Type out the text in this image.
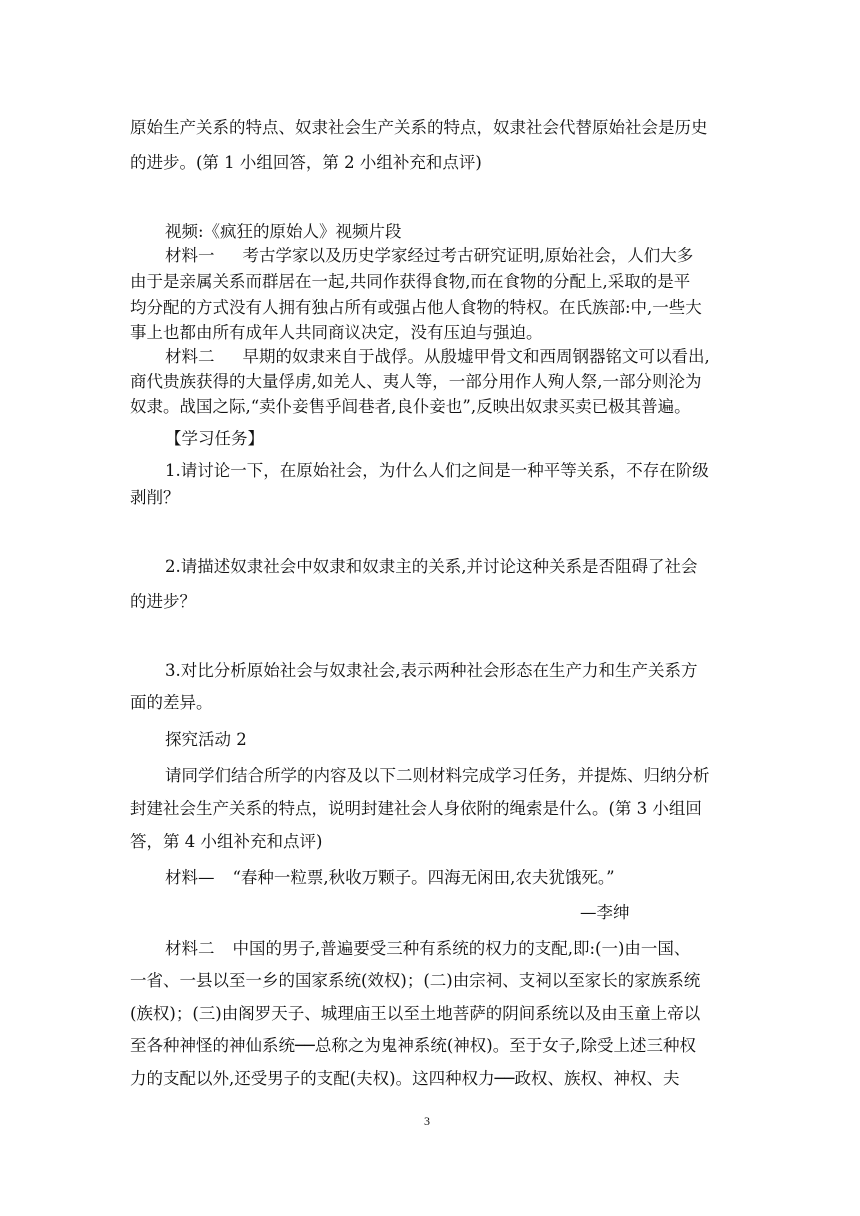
原始生产关系的特点、奴隶社会生产关系的特点，奴隶社会代替原始社会是历史
的进步。(第 1 小组回答，第 2 小组补充和点评)
视频:《疯狂的原始人》视频片段
材料一 考古学家以及历史学家经过考古研究证明,原始社会，人们大多
由于是亲属关系而群居在一起,共同作获得食物,而在食物的分配上,采取的是平
均分配的方式没有人拥有独占所有或强占他人食物的特权。在氏族部:中,一些大
事上也都由所有成年人共同商议决定，没有压迫与强迫。
材料二 早期的奴隶来自于战俘。从殷墟甲骨文和西周钢器铭文可以看出,
商代贵族获得的大量俘虏,如羌人、夷人等，一部分用作人殉人祭,一部分则沦为
奴隶。战国之际,“卖仆妾售乎闾巷者,良仆妾也”,反映出奴隶买卖已极其普遍。
【学习任务】
1.请讨论一下，在原始社会，为什么人们之间是一种平等关系，不存在阶级
剥削？
2.请描述奴隶社会中奴隶和奴隶主的关系,并讨论这种关系是否阻碍了社会
的进步？
3.对比分析原始社会与奴隶社会,表示两种社会形态在生产力和生产关系方
面的差异。
探究活动 2
请同学们结合所学的内容及以下二则材料完成学习任务，并提炼、归纳分析
封建社会生产关系的特点，说明封建社会人身依附的绳索是什么。(第 3 小组回
答，第 4 小组补充和点评)
材料— “春种一粒票,秋收万颗子。四海无闲田,农夫犹饿死。”
—李绅
材料二 中国的男子,普遍要受三种有系统的权力的支配,即:(一)由一国、
一省、一县以至一乡的国家系统(效权)；(二)由宗祠、支祠以至家长的家族系统
(族权)；(三)由阁罗天子、城理庙王以至土地菩萨的阴间系统以及由玉童上帝以
至各种神怪的神仙系统──总称之为鬼神系统(神权)。至于女子,除受上述三种权
力的支配以外,还受男子的支配(夫权)。这四种权力──政权、族权、神权、夫
3
